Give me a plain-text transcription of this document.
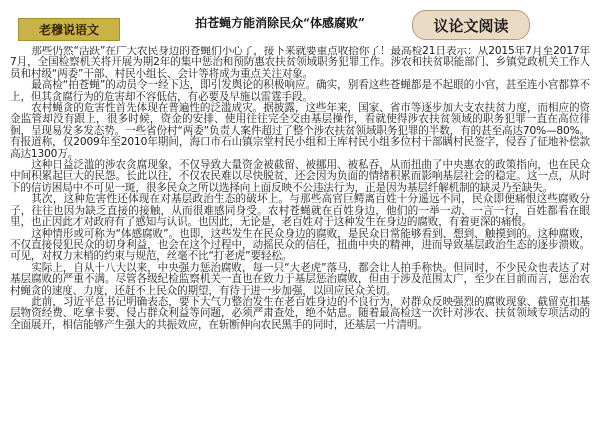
老穆说语文	拍苍蝇方能消除民众“体感腐败”	议论文阅读

那些仍然“活跃”在广大农民身边的苍蝇们小心了，接下来就要重点收拾你了！最高检21日表示：从2015年7月至2017年7月，全国检察机关将开展为期2年的集中惩治和预防惠农扶贫领域职务犯罪工作。涉农和扶贫职能部门、乡镇党政机关工作人员和村级“两委”干部、村民小组长、会计等将成为重点关注对象。

最高检“拍苍蝇”的动员令一经下达，即引发舆论的积极响应。确实，别看这些苍蝇都是不起眼的小官，甚至连小官都算不上，但其贪腐行为的危害却不容低估，有必要及早施以雷霆手段。

农村蝇贪的危害性首先体现在普遍性的泛滥成灾。据披露，这些年来，国家、省市等逐步加大支农扶贫力度，而相应的资金监管却没有跟上，很多时候，资金的安排、使用往往完全交由基层操作，看就使得涉农扶贫领域的职务犯罪一直在高位徘徊，呈现易发多发态势。一些省份村“两委”负责人案件超过了整个涉农扶贫领域职务犯罪的半数，有的甚至高达70%—80%。有报道称，仅2009年至2010年期间，海口市石山镇宗堂村民小组和王库村民小组多位村干部瞒村民签字，侵吞了征地补偿款高达1300万。

这种日益泛滥的涉农贪腐现象，不仅导致大量资金被截留、被挪用、被私吞，从而扭曲了中央惠农的政策指向，也在民众中间积累起巨大的民怨。长此以往，不仅农民难以尽快脱贫，还会因为负面的情绪积累而影响基层社会的稳定。这一点，从时下的信访困局中不可见一斑，很多民众之所以选择向上面反映不公违法行为，正是因为基层纤解机制的缺灵乃至缺失。

其次，这种危害性还体现在对基层政治生态的破坏上。与那些高官巨鳄离百姓十分遥远不同，民众即便痛恨这些腐败分子，往往也因为缺乏直接的接触，从而很难感同身受。农村苍蝇就在百姓身边，他们的一举一动、一言一行，百姓都看在眼里，也正因此才对政府有了感知与认识。也因此，无论是，老百姓对于这种发生在身边的腐败，有着更深的痛恨。

这种情形或可称为“体感腐败”。也即，这些发生在民众身边的腐败，是民众日常能够看到、想到、触摸到的。这种腐败，不仅直接侵犯民众的切身利益，也会在这个过程中，动摇民众的信任，扭曲中央的精神，进而导致基层政治生态的逐步溃败。可见，对权力末梢的约束与规范，丝毫不比“打老虎”要轻松。

实际上，自从十八大以来，中央强力惩治腐败，每一只“大老虎”落马，都会让人拍手称快。但同时，不少民众也表达了对基层腐败的严重不满。尽管各级纪检监察机关一直也在致力于基层惩治腐败，但由于涉及范围太广，至少在目前而言，惩治农村蝇贪的速度、力度，还赶不上民众的期望，有待于进一步加强，以回应民众关切。

此前，习近平总书记明确表态，要下大气力整治发生在老百姓身边的不良行为，对群众反映强烈的腐败现象、截留克扣基层物资经费、吃拿卡要、侵占群众利益等问题，必须严肃查处，绝不姑息。随着最高检这一次针对涉农、扶贫领域专项活动的全面展开，相信能够产生强大的共振效应，在斩断伸向农民黑手的同时，还基层一片清明。
